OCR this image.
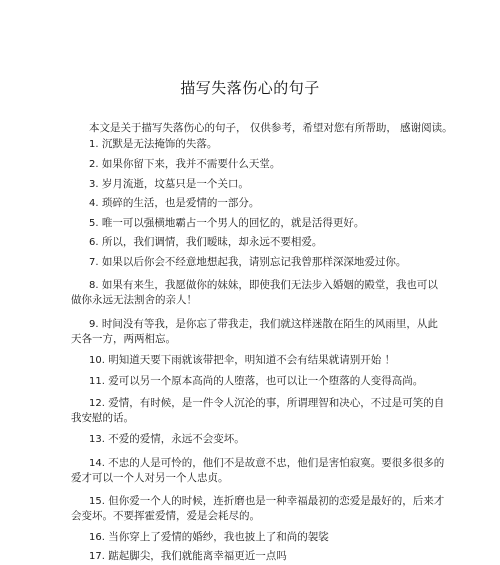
描写失落伤心的句子
本文是关于描写失落伤心的句子， 仅供参考，希望对您有所帮助， 感谢阅读。
1. 沉默是无法掩饰的失落。
2. 如果你留下来，我并不需要什么天堂。
3. 岁月流逝，坟墓只是一个关口。
4. 琐碎的生活，也是爱情的一部分。
5. 唯一可以强横地霸占一个男人的回忆的，就是活得更好。
6. 所以，我们调情，我们暧昧，却永远不要相爱。
7. 如果以后你会不经意地想起我，请别忘记我曾那样深深地爱过你。
8. 如果有来生，我愿做你的妹妹，即使我们无法步入婚姻的殿堂，我也可以
做你永远无法割舍的亲人！
9. 时间没有等我，是你忘了带我走，我们就这样迷散在陌生的风雨里，从此
天各一方，两两相忘。
10. 明知道天要下雨就该带把伞，明知道不会有结果就请别开始 ！
11. 爱可以另一个原本高尚的人堕落，也可以让一个堕落的人变得高尚。
12. 爱情，有时候，是一件令人沉沦的事，所谓理智和决心，不过是可笑的自
我安慰的话。
13. 不爱的爱情，永远不会变坏。
14. 不忠的人是可怜的，他们不是故意不忠，他们是害怕寂寞。要很多很多的
爱才可以一个人对另一个人忠贞。
15. 但你爱一个人的时候，连折磨也是一种幸福最初的恋爱是最好的，后来才
会变坏。不要挥霍爱情，爱是会耗尽的。
16. 当你穿上了爱情的婚纱，我也披上了和尚的袈裟
17. 踮起脚尖，我们就能离幸福更近一点吗
